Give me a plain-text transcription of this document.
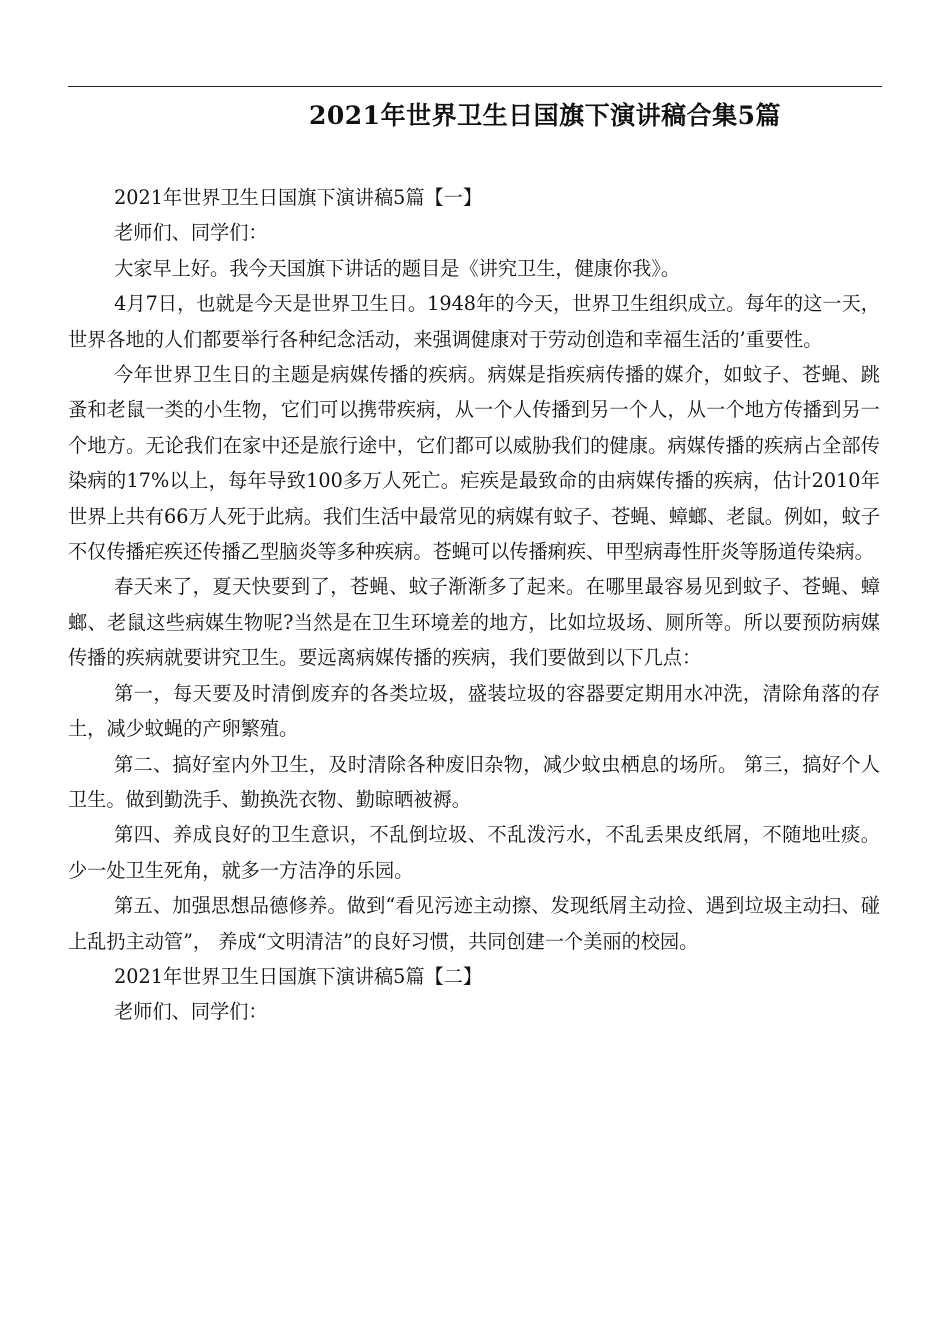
2021年世界卫生日国旗下演讲稿合集5篇

2021年世界卫生日国旗下演讲稿5篇【一】

老师们、同学们：

大家早上好。我今天国旗下讲话的题目是《讲究卫生，健康你我》。

4月7日，也就是今天是世界卫生日。1948年的今天，世界卫生组织成立。每年的这一天， 世界各地的人们都要举行各种纪念活动，来强调健康对于劳动创造和幸福生活的’重要性。

今年世界卫生日的主题是病媒传播的疾病。病媒是指疾病传播的媒介，如蚊子、苍蝇、跳蚤和老鼠一类的小生物，它们可以携带疾病，从一个人传播到另一个人，从一个地方传播到另一个地方。无论我们在家中还是旅行途中，它们都可以威胁我们的健康。病媒传播的疾病占全部传染病的17%以上，每年导致100多万人死亡。疟疾是最致命的由病媒传播的疾病，估计2010年世界上共有66万人死于此病。我们生活中最常见的病媒有蚊子、苍蝇、蟑螂、老鼠。例如，蚊子不仅传播疟疾还传播乙型脑炎等多种疾病。苍蝇可以传播痢疾、甲型病毒性肝炎等肠道传染病。

春天来了，夏天快要到了，苍蝇、蚊子渐渐多了起来。在哪里最容易见到蚊子、苍蝇、蟑螂、老鼠这些病媒生物呢?当然是在卫生环境差的地方，比如垃圾场、厕所等。所以要预防病媒传播的疾病就要讲究卫生。要远离病媒传播的疾病，我们要做到以下几点：

第一，每天要及时清倒废弃的各类垃圾，盛装垃圾的容器要定期用水冲洗，清除角落的存土，减少蚊蝇的产卵繁殖。

第二、搞好室内外卫生，及时清除各种废旧杂物，减少蚊虫栖息的场所。 第三，搞好个人卫生。做到勤洗手、勤换洗衣物、勤晾晒被褥。

第四、养成良好的卫生意识，不乱倒垃圾、不乱泼污水，不乱丢果皮纸屑，不随地吐痰。少一处卫生死角，就多一方洁净的乐园。

第五、加强思想品德修养。做到“看见污迹主动擦、发现纸屑主动捡、遇到垃圾主动扫、碰上乱扔主动管”， 养成“文明清洁”的良好习惯，共同创建一个美丽的校园。

2021年世界卫生日国旗下演讲稿5篇【二】

老师们、同学们：
